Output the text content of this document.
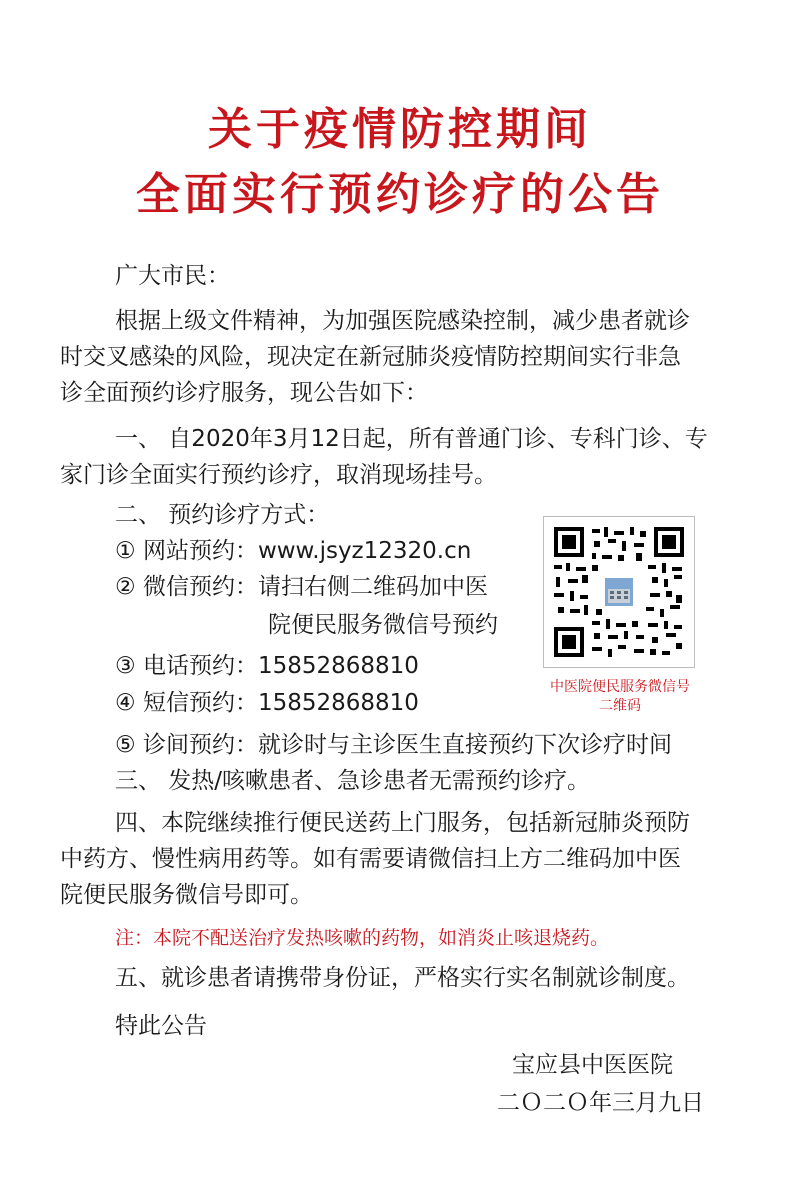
关于疫情防控期间
全面实行预约诊疗的公告
广大市民：
根据上级文件精神，为加强医院感染控制，减少患者就诊
时交叉感染的风险，现决定在新冠肺炎疫情防控期间实行非急
诊全面预约诊疗服务，现公告如下：
一、 自2020年3月12日起，所有普通门诊、专科门诊、专
家门诊全面实行预约诊疗，取消现场挂号。
二、 预约诊疗方式：
① 网站预约：www.jsyz12320.cn
② 微信预约：请扫右侧二维码加中医
院便民服务微信号预约
③ 电话预约：15852868810
④ 短信预约：15852868810
⑤ 诊间预约：就诊时与主诊医生直接预约下次诊疗时间
中医院便民服务微信号
二维码
三、 发热/咳嗽患者、急诊患者无需预约诊疗。
四、本院继续推行便民送药上门服务，包括新冠肺炎预防
中药方、慢性病用药等。如有需要请微信扫上方二维码加中医
院便民服务微信号即可。
注：本院不配送治疗发热咳嗽的药物，如消炎止咳退烧药。
五、就诊患者请携带身份证，严格实行实名制就诊制度。
特此公告
宝应县中医医院
二Ｏ二Ｏ年三月九日
